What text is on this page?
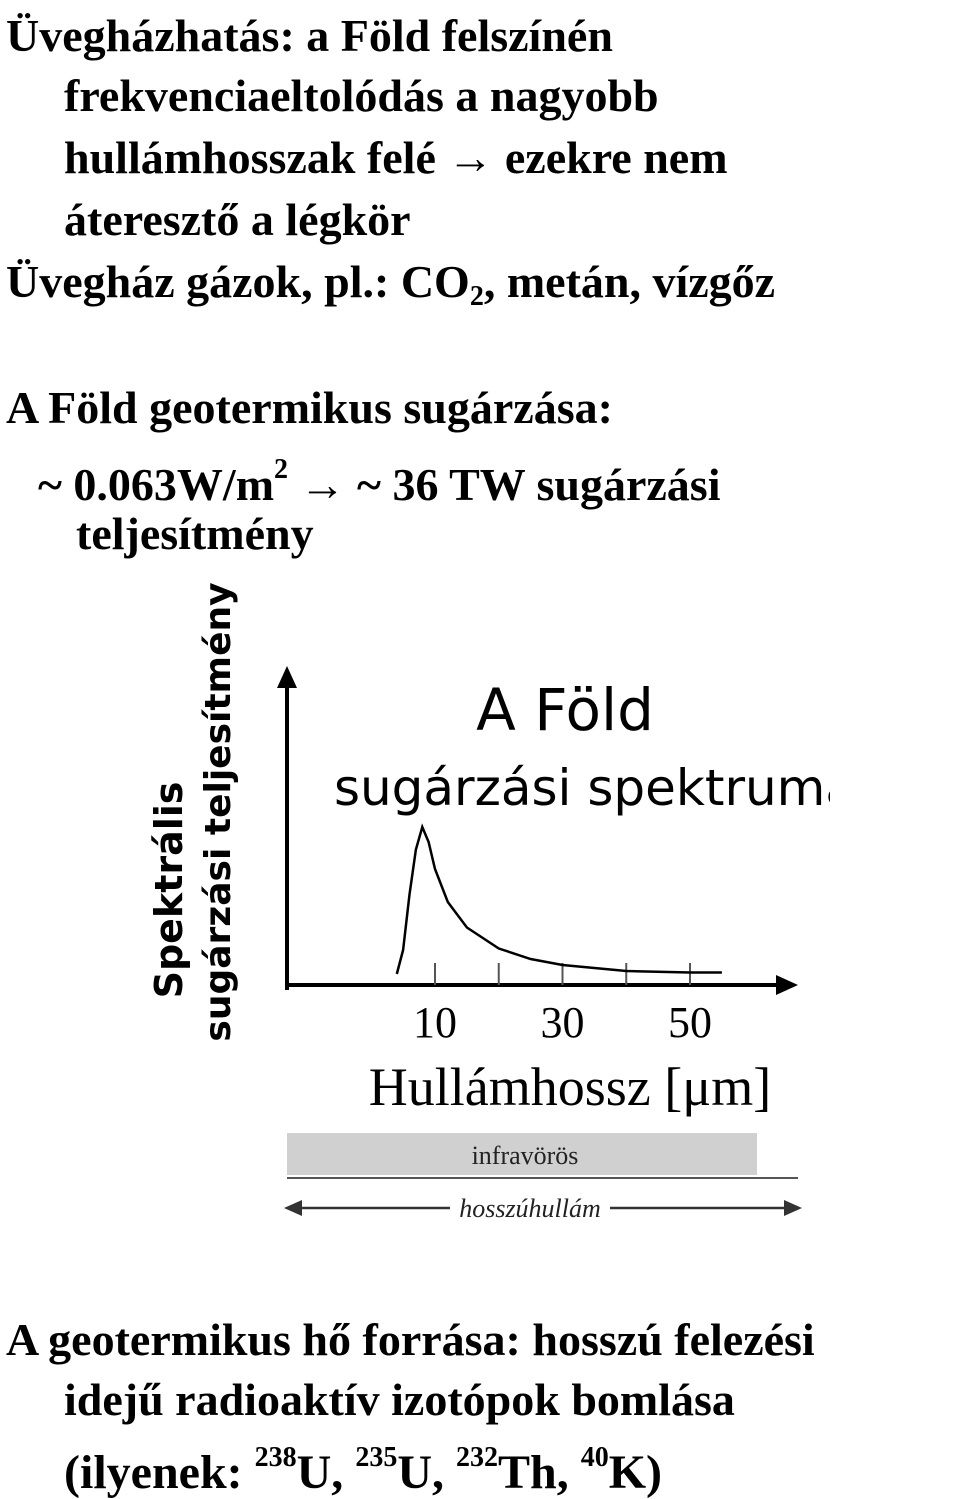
Üvegházhatás: a Föld felszínén
frekvenciaeltolódás a nagyobb
hullámhosszak felé → ezekre nem
áteresztő a légkör
Üvegház gázok, pl.: $CO_2$, metán, vízgőz
A Föld geotermikus sugárzása:
~ $0.063W/m^2$ → ~ 36 TW sugárzási
teljesítmény
Spektrális sugárzási teljesítmény	A Föld
sugárzási spektruma
10 30 50
Hullámhossz [μm]
infravörös
hosszúhullám
A geotermikus hő forrása: hosszú felezési
idejű radioaktív izotópok bomlása
(ilyenek: $^{238}$U, $^{235}$U, $^{232}$Th, $^{40}$K)
